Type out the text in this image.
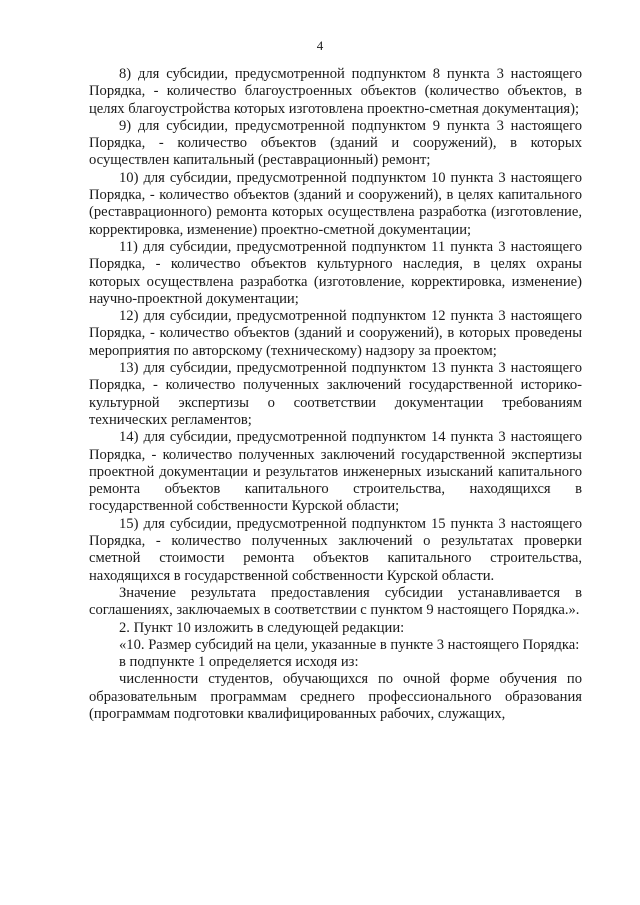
4

8) для субсидии, предусмотренной подпунктом 8 пункта 3 настоящего Порядка, - количество благоустроенных объектов (количество объектов, в целях благоустройства которых изготовлена проектно-сметная документация);

9) для субсидии, предусмотренной подпунктом 9 пункта 3 настоящего Порядка, - количество объектов (зданий и сооружений), в которых осуществлен капитальный (реставрационный) ремонт;

10) для субсидии, предусмотренной подпунктом 10 пункта 3 настоящего Порядка, - количество объектов (зданий и сооружений), в целях капитального (реставрационного) ремонта которых осуществлена разработка (изготовление, корректировка, изменение) проектно-сметной документации;

11) для субсидии, предусмотренной подпунктом 11 пункта 3 настоящего Порядка, - количество объектов культурного наследия, в целях охраны которых осуществлена разработка (изготовление, корректировка, изменение) научно-проектной документации;

12) для субсидии, предусмотренной подпунктом 12 пункта 3 настоящего Порядка, - количество объектов (зданий и сооружений), в которых проведены мероприятия по авторскому (техническому) надзору за проектом;

13) для субсидии, предусмотренной подпунктом 13 пункта 3 настоящего Порядка, - количество полученных заключений государственной историко-культурной экспертизы о соответствии документации требованиям технических регламентов;

14) для субсидии, предусмотренной подпунктом 14 пункта 3 настоящего Порядка, - количество полученных заключений государственной экспертизы проектной документации и результатов инженерных изысканий капитального ремонта объектов капитального строительства, находящихся в государственной собственности Курской области;

15) для субсидии, предусмотренной подпунктом 15 пункта 3 настоящего Порядка, - количество полученных заключений о результатах проверки сметной стоимости ремонта объектов капитального строительства, находящихся в государственной собственности Курской области.

Значение результата предоставления субсидии устанавливается в соглашениях, заключаемых в соответствии с пунктом 9 настоящего Порядка.».

2. Пункт 10 изложить в следующей редакции:

«10. Размер субсидий на цели, указанные в пункте 3 настоящего Порядка:

в подпункте 1 определяется исходя из:

численности студентов, обучающихся по очной форме обучения по образовательным программам среднего профессионального образования (программам подготовки квалифицированных рабочих, служащих,
